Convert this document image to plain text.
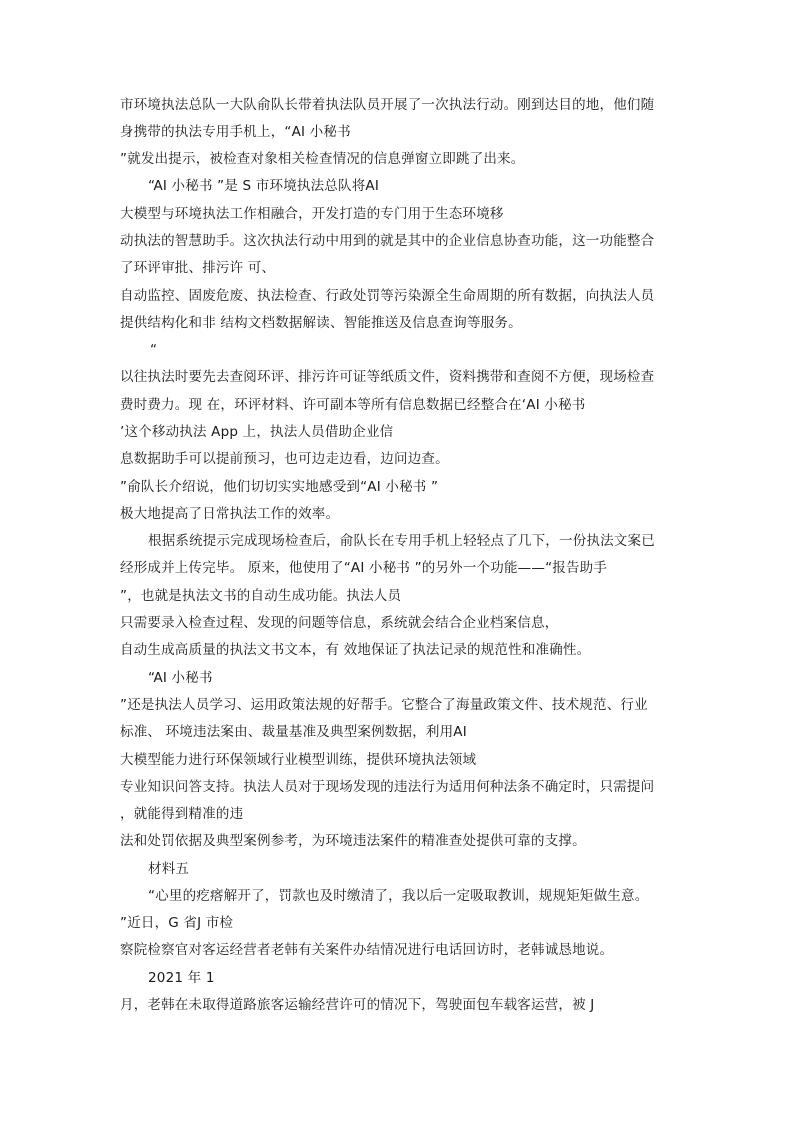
市环境执法总队一大队俞队长带着执法队员开展了一次执法行动。刚到达目的地，他们随
身携带的执法专用手机上，“AI 小秘书
”就发出提示，被检查对象相关检查情况的信息弹窗立即跳了出来。
“AI 小秘书 ”是 S 市环境执法总队将AI
大模型与环境执法工作相融合，开发打造的专门用于生态环境移
动执法的智慧助手。这次执法行动中用到的就是其中的企业信息协查功能，这一功能整合
了环评审批、排污许 可、
自动监控、固废危废、执法检查、行政处罚等污染源全生命周期的所有数据，向执法人员
提供结构化和非 结构文档数据解读、智能推送及信息查询等服务。
“
以往执法时要先去查阅环评、排污许可证等纸质文件，资料携带和查阅不方便，现场检查
费时费力。现 在，环评材料、许可副本等所有信息数据已经整合在‘AI 小秘书
’这个移动执法 App 上，执法人员借助企业信
息数据助手可以提前预习，也可边走边看，边问边查。
”俞队长介绍说，他们切切实实地感受到“AI 小秘书 ”
极大地提高了日常执法工作的效率。
根据系统提示完成现场检查后，俞队长在专用手机上轻轻点了几下，一份执法文案已
经形成并上传完毕。 原来，他使用了“AI 小秘书 ”的另外一个功能——“报告助手
”，也就是执法文书的自动生成功能。执法人员
只需要录入检查过程、发现的问题等信息，系统就会结合企业档案信息，
自动生成高质量的执法文书文本，有 效地保证了执法记录的规范性和准确性。
“AI 小秘书
”还是执法人员学习、运用政策法规的好帮手。它整合了海量政策文件、技术规范、行业
标准、 环境违法案由、裁量基准及典型案例数据，利用AI
大模型能力进行环保领域行业模型训练，提供环境执法领域
专业知识问答支持。执法人员对于现场发现的违法行为适用何种法条不确定时，只需提问
，就能得到精准的违
法和处罚依据及典型案例参考，为环境违法案件的精准查处提供可靠的支撑。
材料五
“心里的疙瘩解开了，罚款也及时缴清了，我以后一定吸取教训，规规矩矩做生意。
”近日，G 省J 市检
察院检察官对客运经营者老韩有关案件办结情况进行电话回访时，老韩诚恳地说。
2021 年 1
月，老韩在未取得道路旅客运输经营许可的情况下，驾驶面包车载客运营，被 J
